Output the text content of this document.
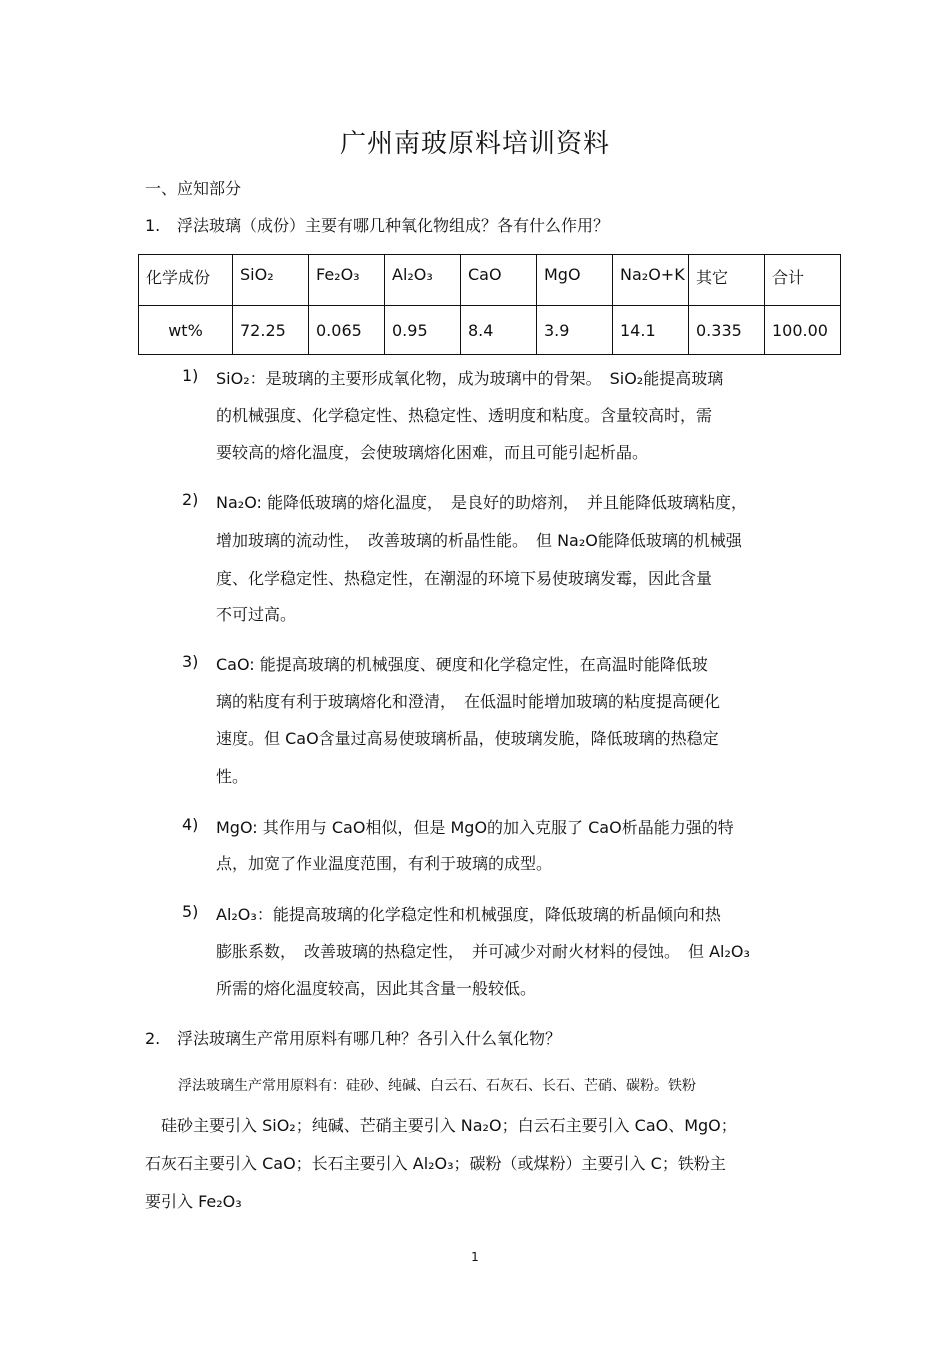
广州南玻原料培训资料
一、应知部分
1. 浮法玻璃（成份）主要有哪几种氧化物组成？各有什么作用？
化学成份	SiO₂	Fe₂O₃	Al₂O₃	CaO	MgO	Na₂O+K	其它	合计
wt%	72.25	0.065	0.95	8.4	3.9	14.1	0.335	100.00
1) SiO₂：是玻璃的主要形成氧化物，成为玻璃中的骨架。　SiO₂能提高玻璃
的机械强度、化学稳定性、热稳定性、透明度和粘度。含量较高时，需
要较高的熔化温度，会使玻璃熔化困难，而且可能引起析晶。
2) Na₂O: 能降低玻璃的熔化温度，　是良好的助熔剂，　并且能降低玻璃粘度，
增加玻璃的流动性，　改善玻璃的析晶性能。　但 Na₂O能降低玻璃的机械强
度、化学稳定性、热稳定性，在潮湿的环境下易使玻璃发霉，因此含量
不可过高。
3) CaO: 能提高玻璃的机械强度、硬度和化学稳定性，在高温时能降低玻
璃的粘度有利于玻璃熔化和澄清，　在低温时能增加玻璃的粘度提高硬化
速度。但 CaO含量过高易使玻璃析晶，使玻璃发脆，降低玻璃的热稳定
性。
4) MgO: 其作用与 CaO相似，但是 MgO的加入克服了 CaO析晶能力强的特
点，加宽了作业温度范围，有利于玻璃的成型。
5) Al₂O₃：能提高玻璃的化学稳定性和机械强度，降低玻璃的析晶倾向和热
膨胀系数，　改善玻璃的热稳定性，　并可减少对耐火材料的侵蚀。　但 Al₂O₃
所需的熔化温度较高，因此其含量一般较低。
2. 浮法玻璃生产常用原料有哪几种？各引入什么氧化物？
浮法玻璃生产常用原料有：硅砂、纯碱、白云石、石灰石、长石、芒硝、碳粉。铁粉
　硅砂主要引入 SiO₂；纯碱、芒硝主要引入 Na₂O；白云石主要引入 CaO、MgO；
石灰石主要引入 CaO；长石主要引入 Al₂O₃；碳粉（或煤粉）主要引入 C；铁粉主
要引入 Fe₂O₃
1
